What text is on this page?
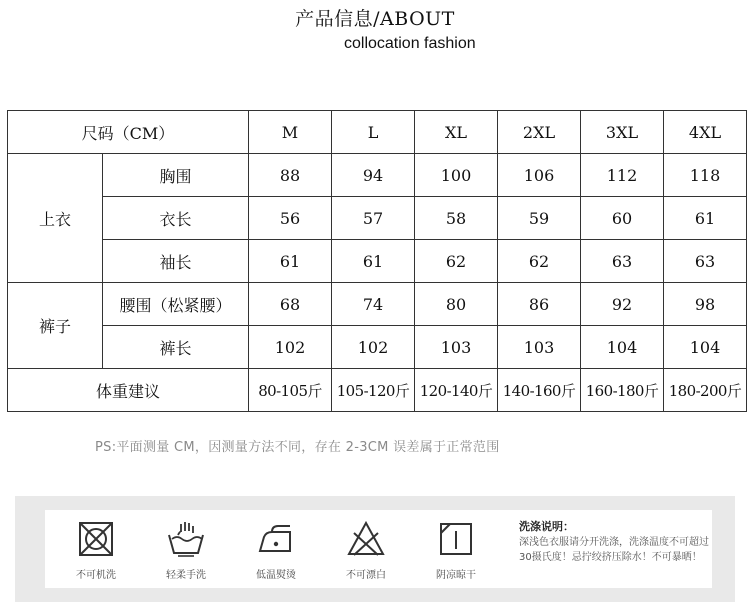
产品信息/ABOUT
collocation fashion
尺码（CM）		M	L	XL	2XL	3XL	4XL
上衣	胸围	88	94	100	106	112	118
	衣长	56	57	58	59	60	61
	袖长	61	61	62	62	63	63
裤子	腰围（松紧腰）	68	74	80	86	92	98
	裤长	102	102	103	103	104	104
体重建议		80-105斤	105-120斤	120-140斤	140-160斤	160-180斤	180-200斤
PS:平面测量 CM，因测量方法不同，存在 2-3CM 误差属于正常范围
不可机洗	轻柔手洗	低温熨烫	不可漂白	阴凉晾干
洗涤说明：
深浅色衣服请分开洗涤，洗涤温度不可超过30摄氏度！忌拧绞挤压除水！不可暴晒！
